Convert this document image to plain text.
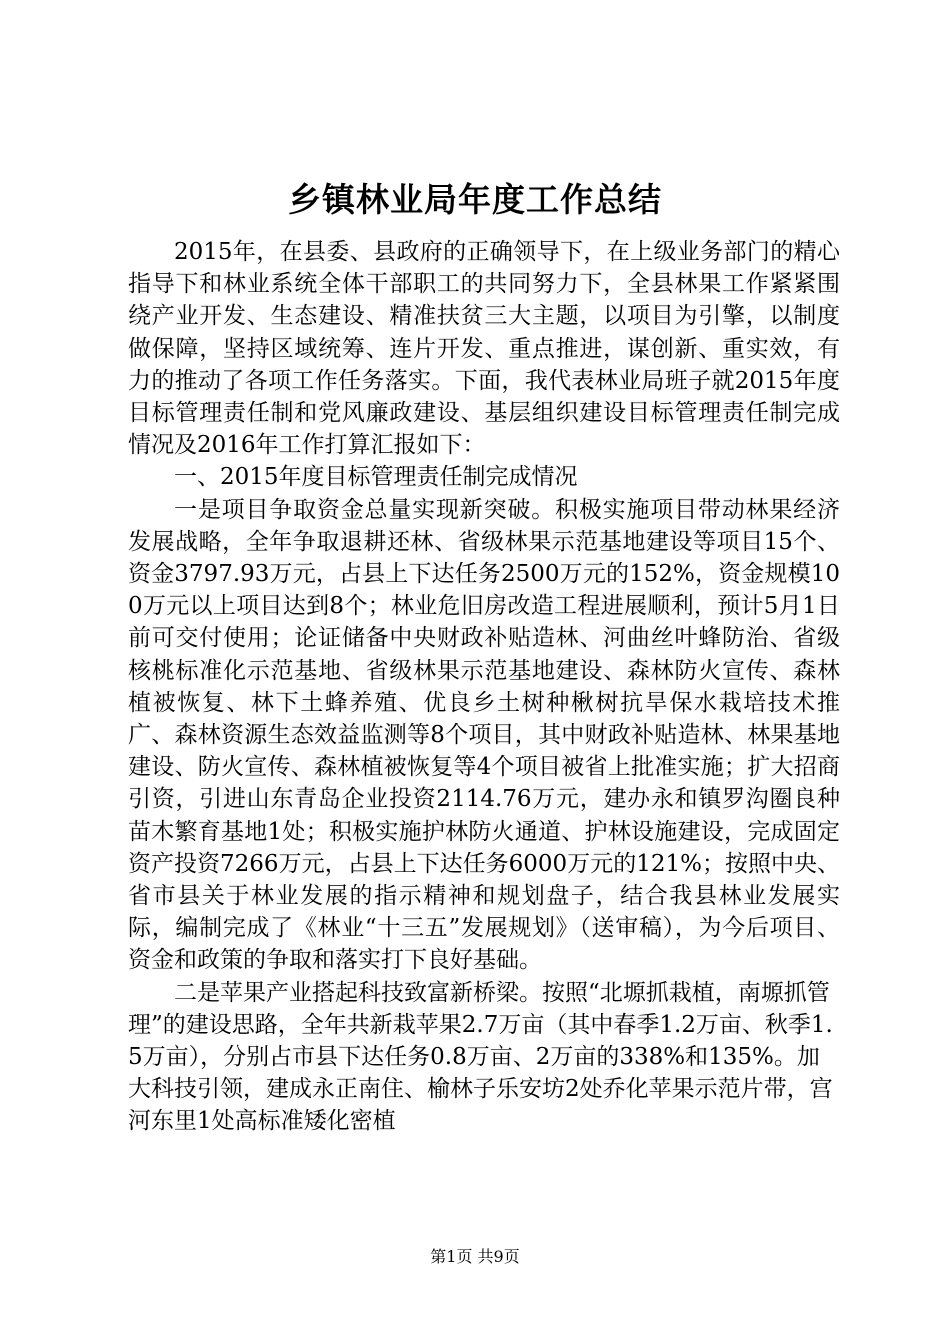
乡镇林业局年度工作总结

2015年，在县委、县政府的正确领导下，在上级业务部门的精心指导下和林业系统全体干部职工的共同努力下，全县林果工作紧紧围绕产业开发、生态建设、精准扶贫三大主题，以项目为引擎，以制度做保障，坚持区域统筹、连片开发、重点推进，谋创新、重实效，有力的推动了各项工作任务落实。下面，我代表林业局班子就2015年度目标管理责任制和党风廉政建设、基层组织建设目标管理责任制完成情况及2016年工作打算汇报如下：

一、2015年度目标管理责任制完成情况

一是项目争取资金总量实现新突破。积极实施项目带动林果经济发展战略，全年争取退耕还林、省级林果示范基地建设等项目15个、资金3797.93万元，占县上下达任务2500万元的152%，资金规模100万元以上项目达到8个；林业危旧房改造工程进展顺利，预计5月1日前可交付使用；论证储备中央财政补贴造林、河曲丝叶蜂防治、省级核桃标准化示范基地、省级林果示范基地建设、森林防火宣传、森林植被恢复、林下土蜂养殖、优良乡土树种楸树抗旱保水栽培技术推广、森林资源生态效益监测等8个项目，其中财政补贴造林、林果基地建设、防火宣传、森林植被恢复等4个项目被省上批准实施；扩大招商引资，引进山东青岛企业投资2114.76万元，建办永和镇罗沟圈良种苗木繁育基地1处；积极实施护林防火通道、护林设施建设，完成固定资产投资7266万元，占县上下达任务6000万元的121%；按照中央、省市县关于林业发展的指示精神和规划盘子，结合我县林业发展实际，编制完成了《林业“十三五”发展规划》（送审稿），为今后项目、资金和政策的争取和落实打下良好基础。

二是苹果产业搭起科技致富新桥梁。按照“北塬抓栽植，南塬抓管理”的建设思路，全年共新栽苹果2.7万亩（其中春季1.2万亩、秋季1.5万亩），分别占市县下达任务0.8万亩、2万亩的338%和135%。加大科技引领，建成永正南住、榆林子乐安坊2处乔化苹果示范片带，宫河东里1处高标准矮化密植

第1页 共9页
